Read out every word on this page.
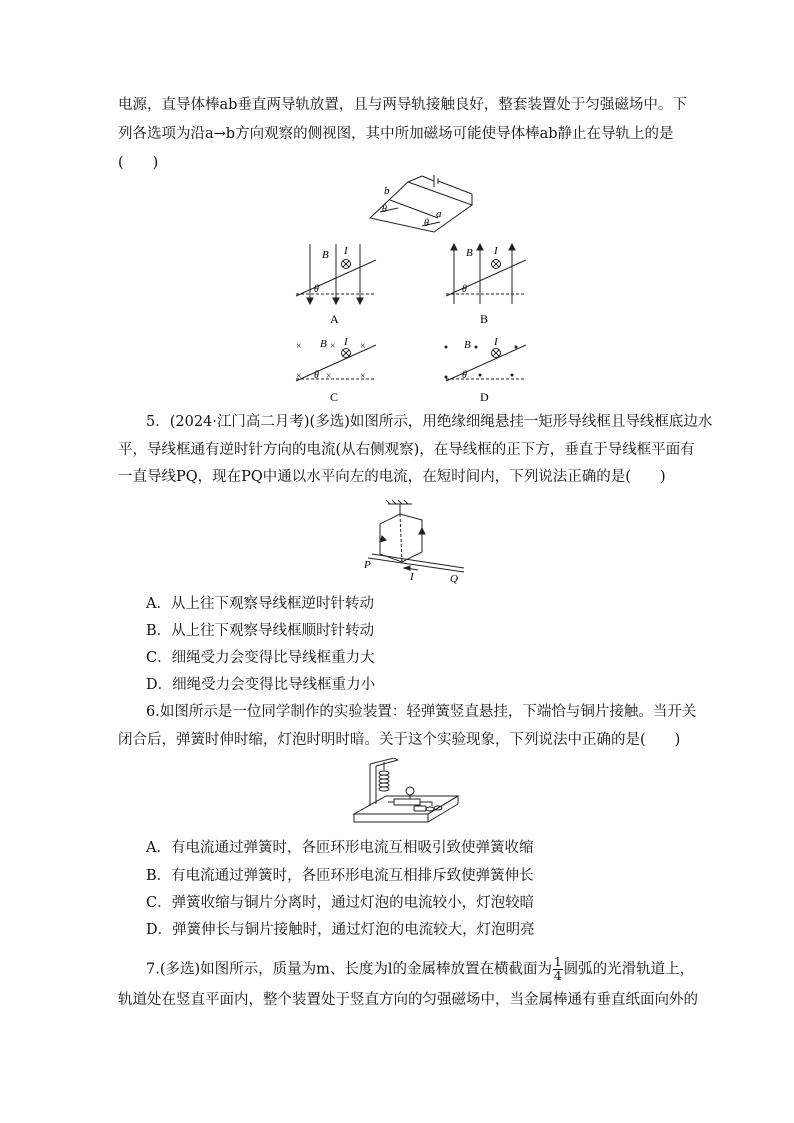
电源，直导体棒ab垂直两导轨放置，且与两导轨接触良好，整套装置处于匀强磁场中。下
列各选项为沿a→b方向观察的侧视图，其中所加磁场可能使导体棒ab静止在导轨上的是
(　　)
b
a
θ
θ
B I
θ
A
B I
θ
B
×	× ×
× ×	×
B I
θ
C
B I
θ
D
5．(2024·江门高二月考)(多选)如图所示，用绝缘细绳悬挂一矩形导线框且导线框底边水
平，导线框通有逆时针方向的电流(从右侧观察)，在导线框的正下方，垂直于导线框平面有
一直导线PQ，现在PQ中通以水平向左的电流，在短时间内，下列说法正确的是(　　)
P
I	Q
A．从上往下观察导线框逆时针转动
B．从上往下观察导线框顺时针转动
C．细绳受力会变得比导线框重力大
D．细绳受力会变得比导线框重力小
6.如图所示是一位同学制作的实验装置：轻弹簧竖直悬挂，下端恰与铜片接触。当开关
闭合后，弹簧时伸时缩，灯泡时明时暗。关于这个实验现象，下列说法中正确的是(　　)
A．有电流通过弹簧时，各匝环形电流互相吸引致使弹簧收缩
B．有电流通过弹簧时，各匝环形电流互相排斥致使弹簧伸长
C．弹簧收缩与铜片分离时，通过灯泡的电流较小，灯泡较暗
D．弹簧伸长与铜片接触时，通过灯泡的电流较大，灯泡明亮
7.(多选)如图所示，质量为m、长度为l的金属棒放置在横截面为 $\frac{1}{4}$ 圆弧的光滑轨道上，
轨道处在竖直平面内，整个装置处于竖直方向的匀强磁场中，当金属棒通有垂直纸面向外的
